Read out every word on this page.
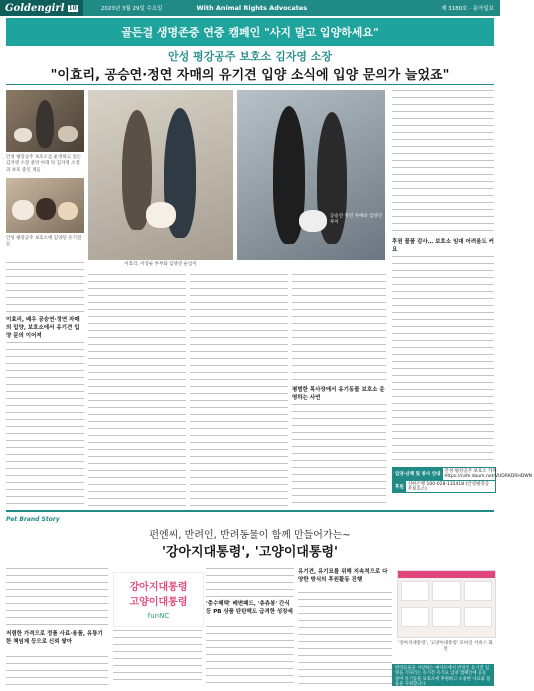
Goldengirl 10	2023년 3월 29일 수요일	With Animal Rights Advocates	제 3180호 · 동아일보
골든걸 생명존중 연중 캠페인 "사지 말고 입양하세요"
안성 평강공주 보호소 김자영 소장
"이효리, 공승연·정연 자매의 유기견 입양 소식에 입양 문의가 늘었죠"
안성 평강공주 보호소를 운영하고 있는 김자영 소장 중앙 아래 턱 김자영 소장과 보호 중인 개들
안성 평강공주 보호소에 입양된 유기견들
이효리, 이상순 부부와 입양견 순심이
공승연 정연 자매와 입양견 루이
후원 물품 감사… 보호소 임대 어려움도 커요
이효리, 배우 공승연·정연 자매의 입양, 보호소에서 유기견 입양 문의 이어져
평범한 목사장에서 유기동물 보호소 운영하는 사연
입양·산책 및 봉사 안내
안성 평강공주 보호소 카페 https://cafe.daum.net/VUDRKDRHDWN
후원
신한은행 100-028-135418 (안성평강공주보호소)
Pet Brand Story
펀엔씨, 반려인, 반려동물이 함께 만들어가는~
'강아지대통령', '고양이대통령'
저렴한 가격으로 정품 사료·용품, 유통기한 책임제 등으로 신뢰 쌓아
강아지대통령
고양이대통령
funNC
'총수혜택' 배변패드, '츄츄봉' 간식 등 PB 상품 탄탄해도 급격한 성장세
유기견, 유기묘를 위해 지속적으로 다양한 방식의 후원활동 진행
'강아지대통령', '고양이대통령' 모바일 서비스 화면
반려동물을 사랑하는 메이트에서 반려인 유기견 입양을 기다리는 유기견 유기묘 입양 캠페인에 공동 참여 유기동물 보호소에 후원하고 소중한 사료와 물품을 지원합니다.
